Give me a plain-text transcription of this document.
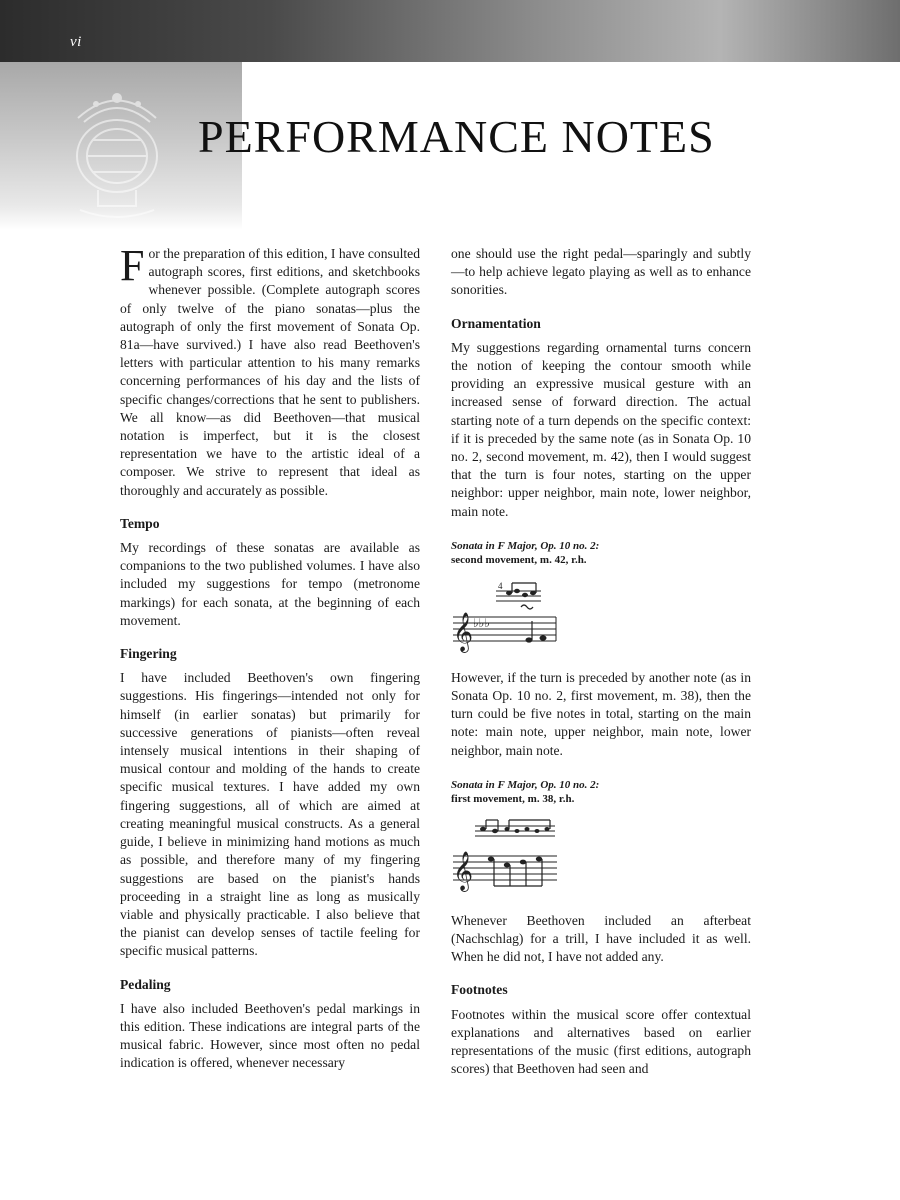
vi
PERFORMANCE NOTES

For the preparation of this edition, I have consulted autograph scores, first editions, and sketchbooks whenever possible. (Complete autograph scores of only twelve of the piano sonatas—plus the autograph of only the first movement of Sonata Op. 81a—have survived.) I have also read Beethoven's letters with particular attention to his many remarks concerning performances of his day and the lists of specific changes/corrections that he sent to publishers. We all know—as did Beethoven—that musical notation is imperfect, but it is the closest representation we have to the artistic ideal of a composer. We strive to represent that ideal as thoroughly and accurately as possible.

Tempo

My recordings of these sonatas are available as companions to the two published volumes. I have also included my suggestions for tempo (metronome markings) for each sonata, at the beginning of each movement.

Fingering

I have included Beethoven's own fingering suggestions. His fingerings—intended not only for himself (in earlier sonatas) but primarily for successive generations of pianists—often reveal intensely musical intentions in their shaping of musical contour and molding of the hands to create specific musical textures. I have added my own fingering suggestions, all of which are aimed at creating meaningful musical constructs. As a general guide, I believe in minimizing hand motions as much as possible, and therefore many of my fingering suggestions are based on the pianist's hands proceeding in a straight line as long as musically viable and physically practicable. I also believe that the pianist can develop senses of tactile feeling for specific musical patterns.

Pedaling

I have also included Beethoven's pedal markings in this edition. These indications are integral parts of the musical fabric. However, since most often no pedal indication is offered, whenever necessary

one should use the right pedal—sparingly and subtly—to help achieve legato playing as well as to enhance sonorities.

Ornamentation

My suggestions regarding ornamental turns concern the notion of keeping the contour smooth while providing an expressive musical gesture with an increased sense of forward direction. The actual starting note of a turn depends on the specific context: if it is preceded by the same note (as in Sonata Op. 10 no. 2, second movement, m. 42), then I would suggest that the turn is four notes, starting on the upper neighbor: upper neighbor, main note, lower neighbor, main note.

Sonata in F Major, Op. 10 no. 2:
second movement, m. 42, r.h.
𝄞 ♭♭♭
4

However, if the turn is preceded by another note (as in Sonata Op. 10 no. 2, first movement, m. 38), then the turn could be five notes in total, starting on the main note: main note, upper neighbor, main note, lower neighbor, main note.

Sonata in F Major, Op. 10 no. 2:
first movement, m. 38, r.h.
𝄞

Whenever Beethoven included an afterbeat (Nachschlag) for a trill, I have included it as well. When he did not, I have not added any.

Footnotes

Footnotes within the musical score offer contextual explanations and alternatives based on earlier representations of the music (first editions, autograph scores) that Beethoven had seen and
